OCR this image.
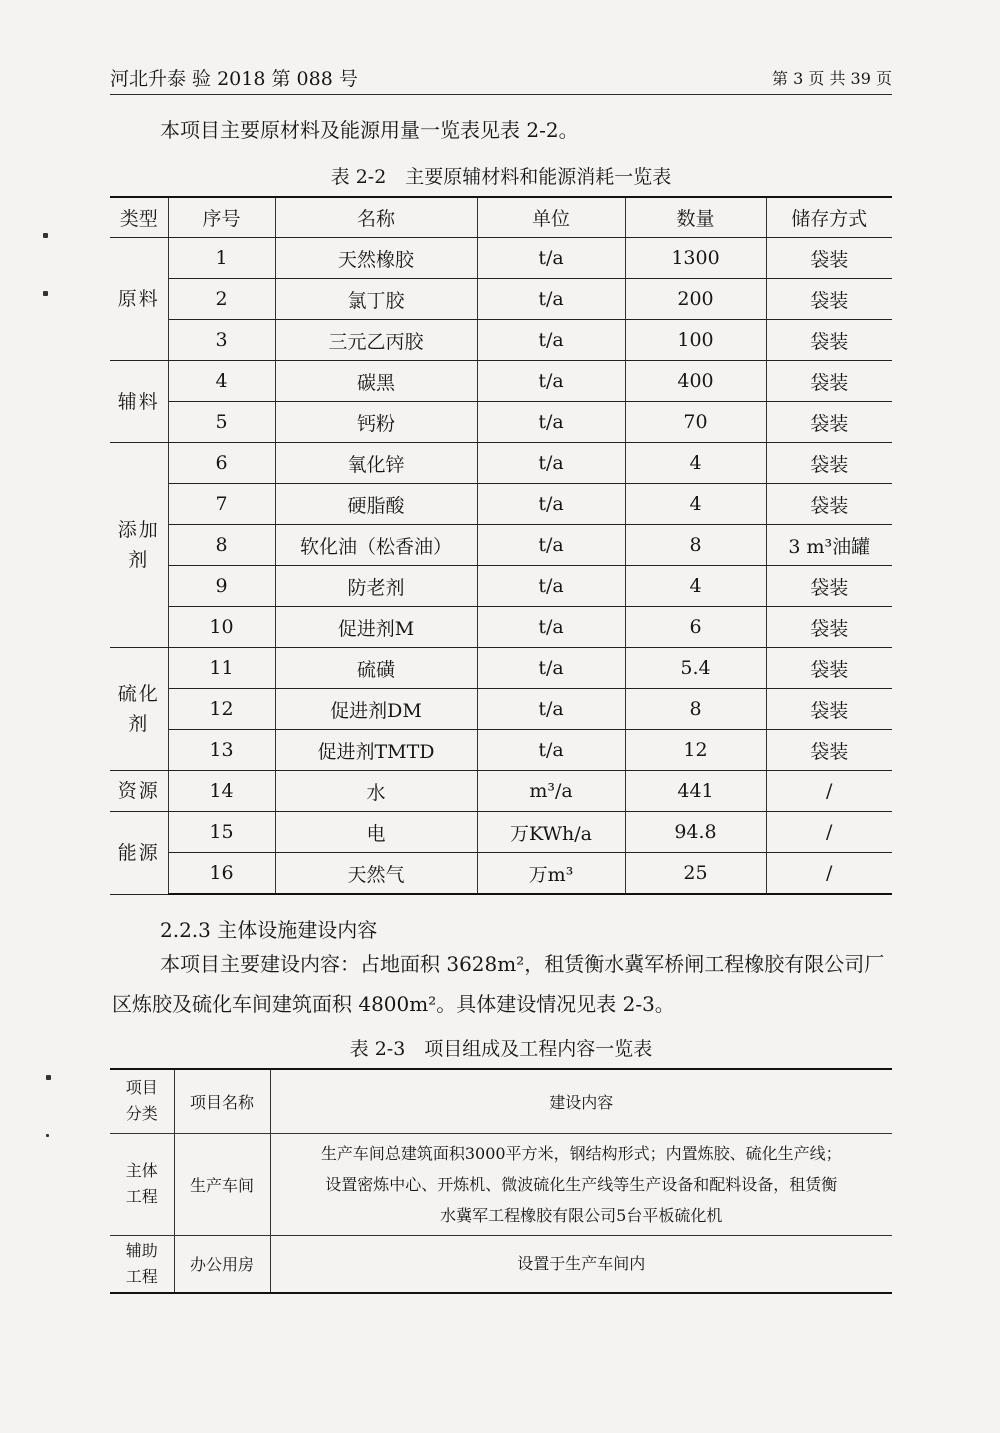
河北升泰 验 2018 第 088 号	第 3 页 共 39 页
本项目主要原材料及能源用量一览表见表 2-2。
表 2-2　主要原辅材料和能源消耗一览表
类型	序号	名称	单位	数量	储存方式
原料	1	天然橡胶	t/a	1300	袋装
	2	氯丁胶	t/a	200	袋装
	3	三元乙丙胶	t/a	100	袋装
辅料	4	碳黑	t/a	400	袋装
	5	钙粉	t/a	70	袋装
添加剂	6	氧化锌	t/a	4	袋装
	7	硬脂酸	t/a	4	袋装
	8	软化油（松香油）	t/a	8	3 m³油罐
	9	防老剂	t/a	4	袋装
	10	促进剂M	t/a	6	袋装
硫化剂	11	硫磺	t/a	5.4	袋装
	12	促进剂DM	t/a	8	袋装
	13	促进剂TMTD	t/a	12	袋装
资源	14	水	m³/a	441	/
能源	15	电	万KWh/a	94.8	/
	16	天然气	万m³	25	/
2.2.3 主体设施建设内容
本项目主要建设内容：占地面积 3628m²，租赁衡水冀军桥闸工程橡胶有限公司厂
区炼胶及硫化车间建筑面积 4800m²。具体建设情况见表 2-3。
表 2-3　项目组成及工程内容一览表
项目分类	项目名称	建设内容
主体工程	生产车间	生产车间总建筑面积3000平方米，钢结构形式；内置炼胶、硫化生产线；
设置密炼中心、开炼机、微波硫化生产线等生产设备和配料设备，租赁衡
水冀军工程橡胶有限公司5台平板硫化机

辅助工程	办公用房	设置于生产车间内
